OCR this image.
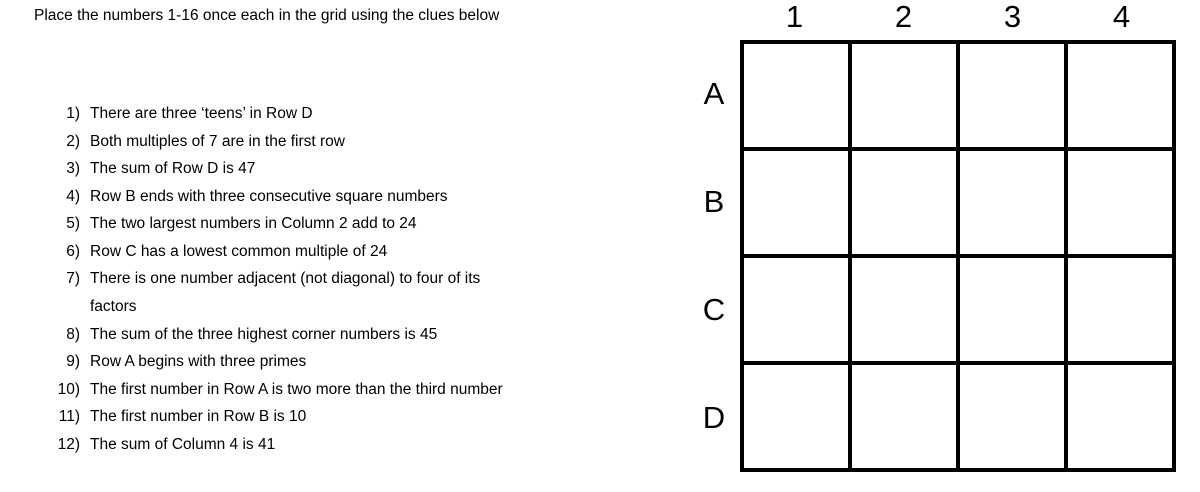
Place the numbers 1-16 once each in the grid using the clues below
1) There are three ‘teens’ in Row D
2) Both multiples of 7 are in the first row
3) The sum of Row D is 47
4) Row B ends with three consecutive square numbers
5) The two largest numbers in Column 2 add to 24
6) Row C has a lowest common multiple of 24
7) There is one number adjacent (not diagonal) to four of its
factors
8) The sum of the three highest corner numbers is 45
9) Row A begins with three primes
10) The first number in Row A is two more than the third number
11) The first number in Row B is 10
12) The sum of Column 4 is 41
1	2	3	4
A
B
C
D
